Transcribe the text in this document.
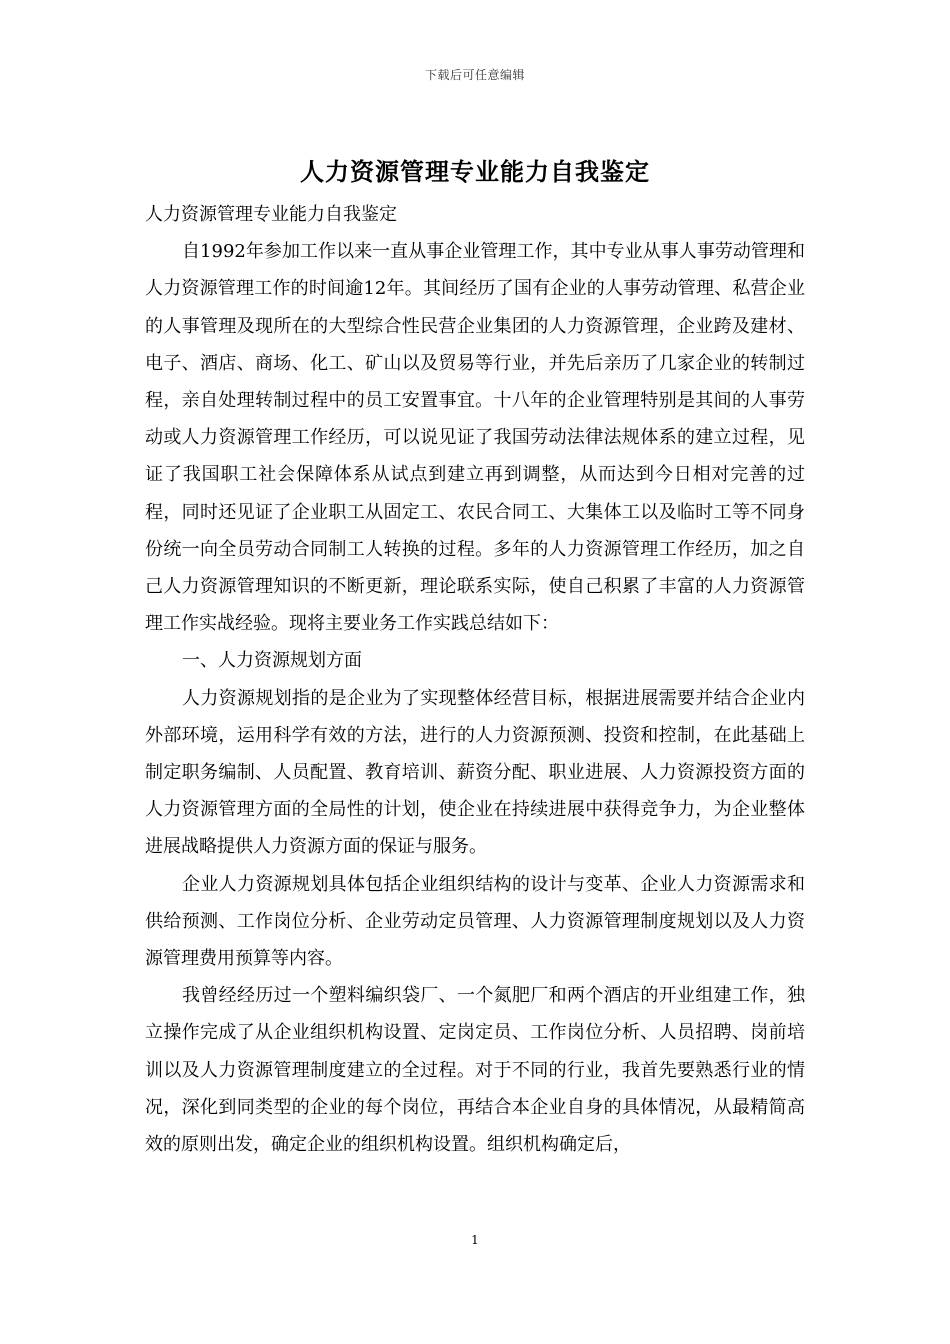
下载后可任意编辑
人力资源管理专业能力自我鉴定

人力资源管理专业能力自我鉴定

自1992年参加工作以来一直从事企业管理工作，其中专业从事人事劳动管理和人力资源管理工作的时间逾12年。其间经历了国有企业的人事劳动管理、私营企业的人事管理及现所在的大型综合性民营企业集团的人力资源管理，企业跨及建材、电子、酒店、商场、化工、矿山以及贸易等行业，并先后亲历了几家企业的转制过程，亲自处理转制过程中的员工安置事宜。十八年的企业管理特别是其间的人事劳动或人力资源管理工作经历，可以说见证了我国劳动法律法规体系的建立过程，见证了我国职工社会保障体系从试点到建立再到调整，从而达到今日相对完善的过程，同时还见证了企业职工从固定工、农民合同工、大集体工以及临时工等不同身份统一向全员劳动合同制工人转换的过程。多年的人力资源管理工作经历，加之自己人力资源管理知识的不断更新，理论联系实际，使自己积累了丰富的人力资源管理工作实战经验。现将主要业务工作实践总结如下：

一、人力资源规划方面

人力资源规划指的是企业为了实现整体经营目标，根据进展需要并结合企业内外部环境，运用科学有效的方法，进行的人力资源预测、投资和控制，在此基础上制定职务编制、人员配置、教育培训、薪资分配、职业进展、人力资源投资方面的人力资源管理方面的全局性的计划，使企业在持续进展中获得竞争力，为企业整体进展战略提供人力资源方面的保证与服务。

企业人力资源规划具体包括企业组织结构的设计与变革、企业人力资源需求和供给预测、工作岗位分析、企业劳动定员管理、人力资源管理制度规划以及人力资源管理费用预算等内容。

我曾经经历过一个塑料编织袋厂、一个氮肥厂和两个酒店的开业组建工作，独立操作完成了从企业组织机构设置、定岗定员、工作岗位分析、人员招聘、岗前培训以及人力资源管理制度建立的全过程。对于不同的行业，我首先要熟悉行业的情况，深化到同类型的企业的每个岗位，再结合本企业自身的具体情况，从最精简高效的原则出发，确定企业的组织机构设置。组织机构确定后，

1
